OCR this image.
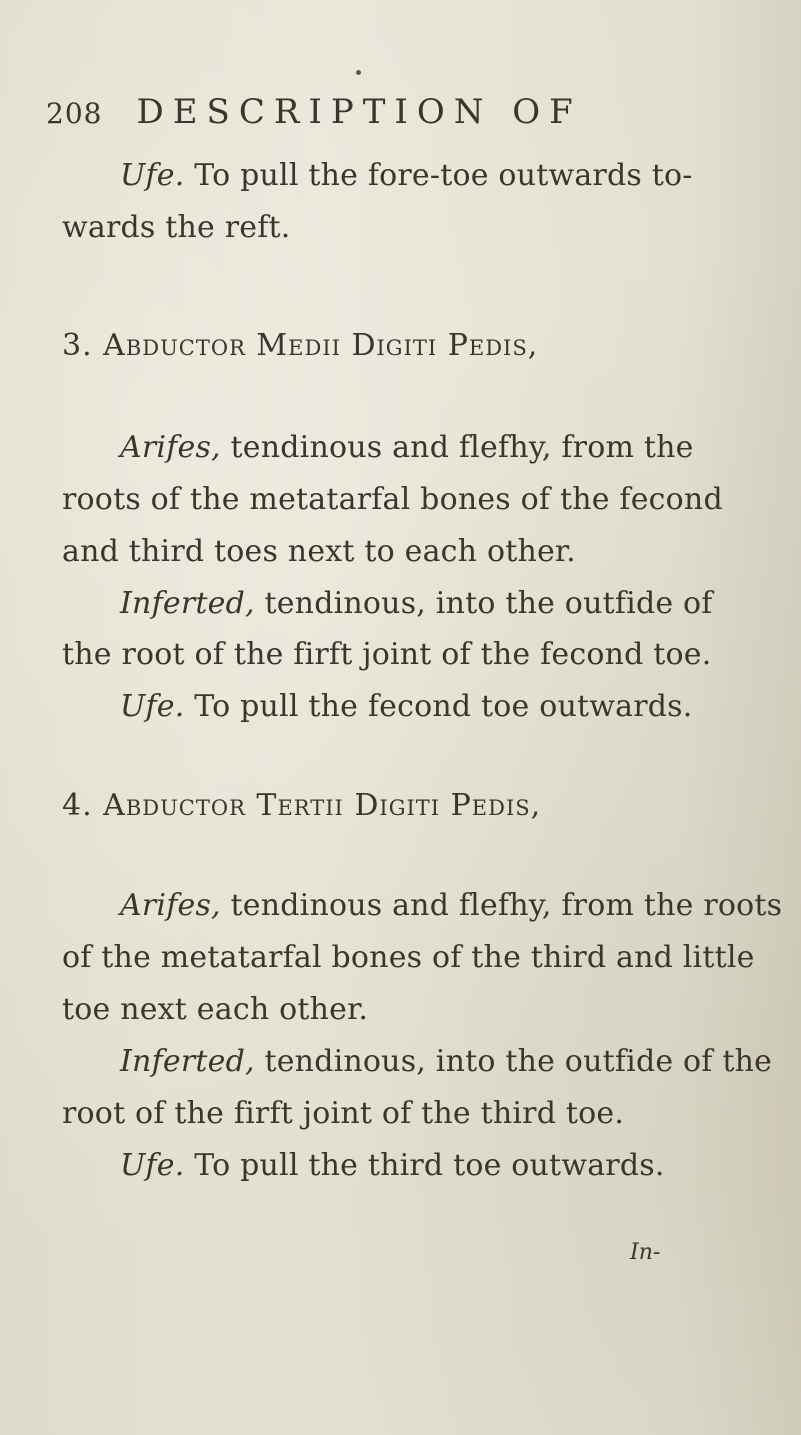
208 DESCRIPTION OF
Ufe. To pull the fore-toe outwards to-
wards the reft.
3. Abductor Medii Digiti Pedis,
Arifes, tendinous and flefhy, from the
roots of the metatarfal bones of the fecond
and third toes next to each other.
Inferted, tendinous, into the outfide of
the root of the firft joint of the fecond toe.
Ufe. To pull the fecond toe outwards.
4. Abductor Tertii Digiti Pedis,
Arifes, tendinous and flefhy, from the roots
of the metatarfal bones of the third and little
toe next each other.
Inferted, tendinous, into the outfide of the
root of the firft joint of the third toe.
Ufe. To pull the third toe outwards.
In-
